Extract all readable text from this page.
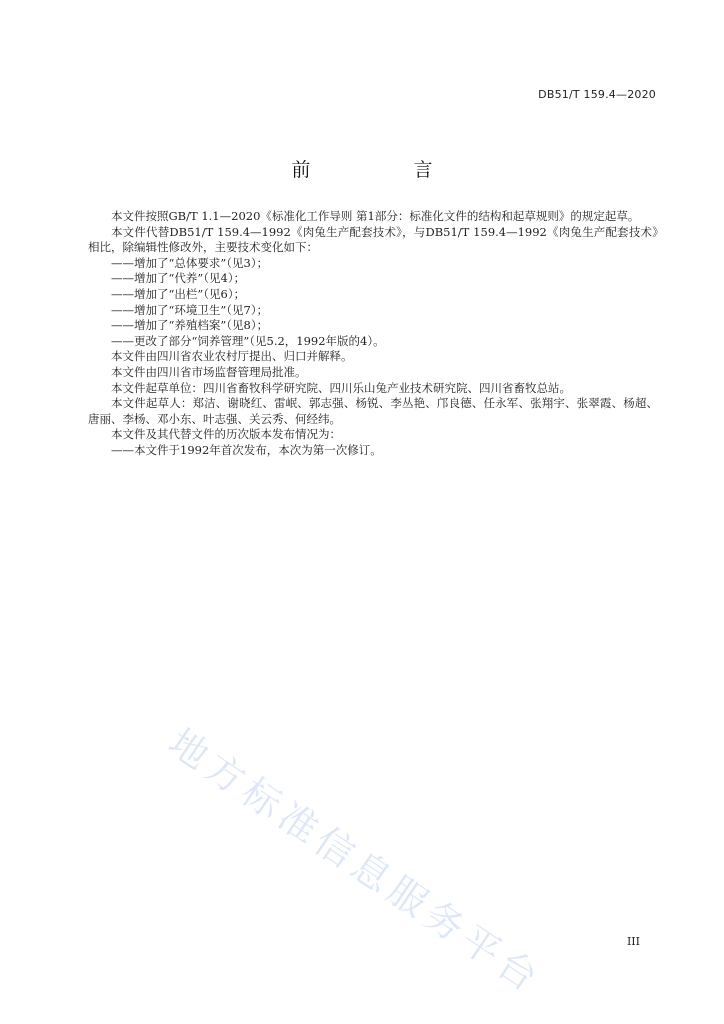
DB51/T 159.4—2020
前　言

本文件按照GB/T 1.1—2020《标准化工作导则 第1部分：标准化文件的结构和起草规则》的规定起草。

本文件代替DB51/T 159.4—1992《肉兔生产配套技术》，与DB51/T 159.4—1992《肉兔生产配套技术》相比，除编辑性修改外，主要技术变化如下：

——增加了“总体要求”（见3）；

——增加了“代养”（见4）；

——增加了“出栏”（见6）；

——增加了“环境卫生”（见7）；

——增加了“养殖档案”（见8）；

——更改了部分“饲养管理”（见5.2，1992年版的4）。

本文件由四川省农业农村厅提出、归口并解释。

本文件由四川省市场监督管理局批准。

本文件起草单位：四川省畜牧科学研究院、四川乐山兔产业技术研究院、四川省畜牧总站。

本文件起草人：郑洁、谢晓红、雷岷、郭志强、杨锐、李丛艳、邝良德、任永军、张翔宇、张翠霞、杨超、唐丽、李杨、邓小东、叶志强、关云秀、何经纬。

本文件及其代替文件的历次版本发布情况为：

——本文件于1992年首次发布，本次为第一次修订。

地方标准信息服务平台	III
